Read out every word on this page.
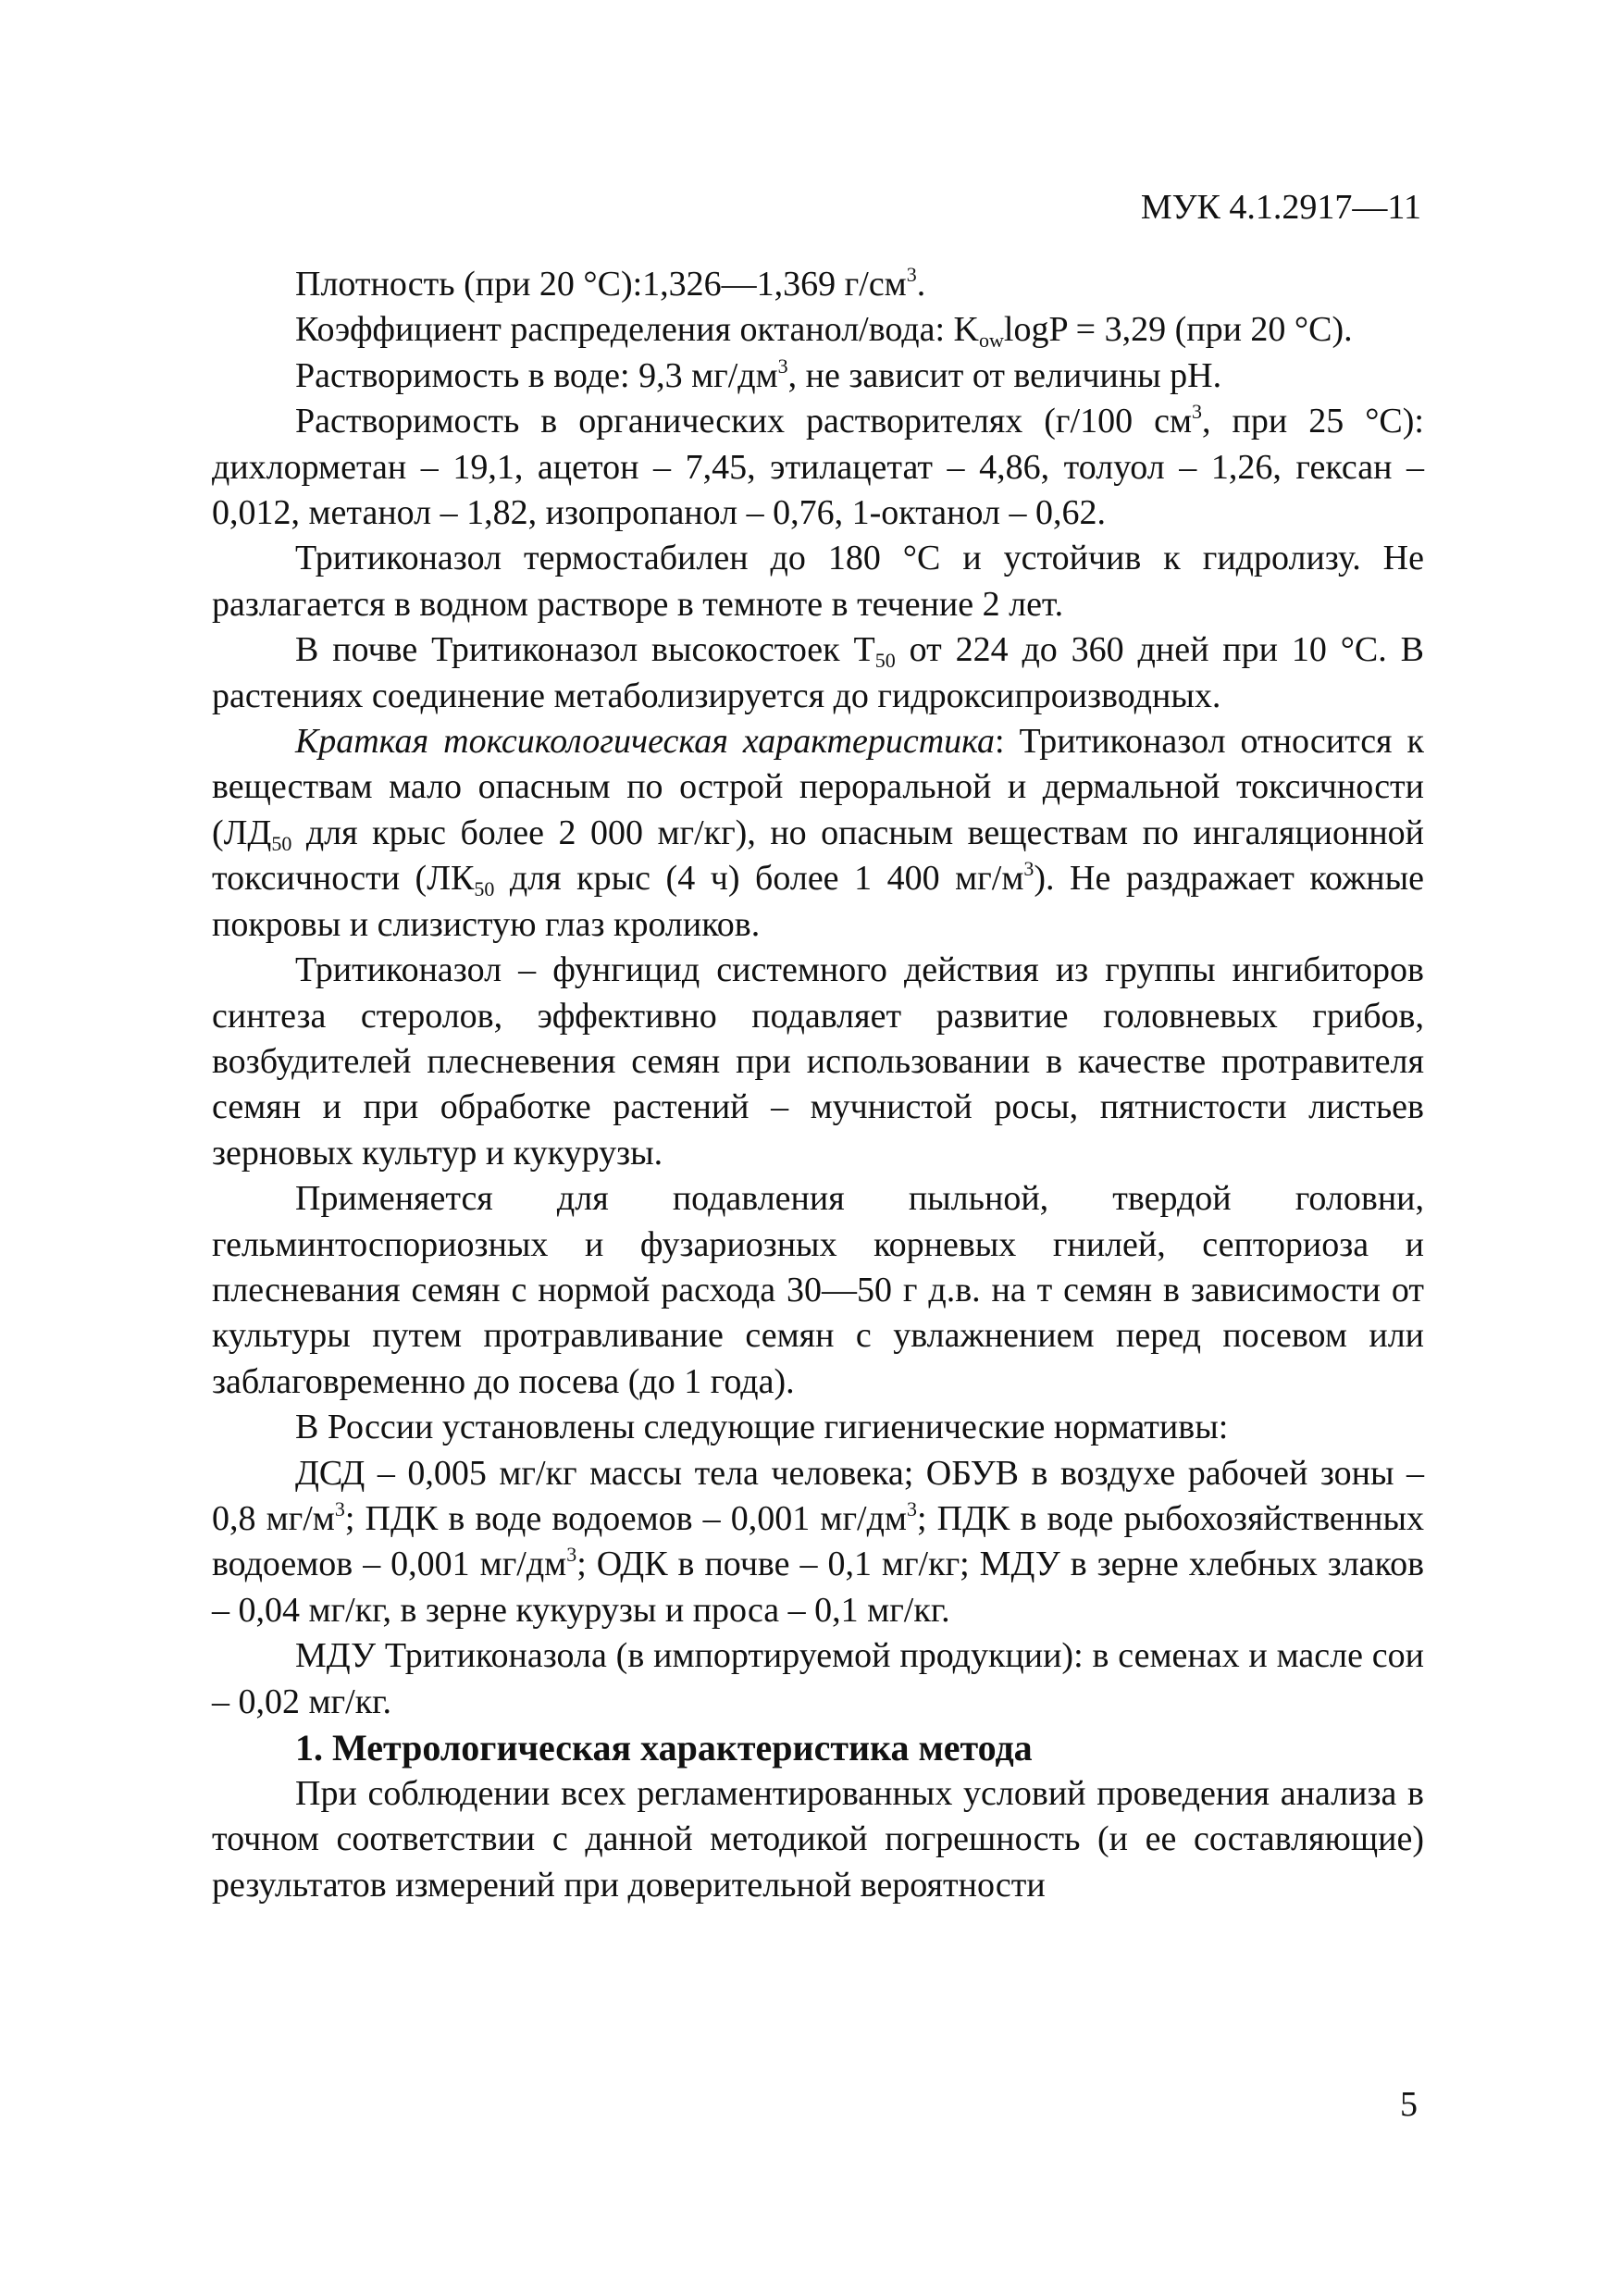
МУК 4.1.2917—11

Плотность (при 20 °С):1,326—1,369 $г/см^3$.

Коэффициент распределения октанол/вода: $K_{ow}\log P = 3,29$ (при 20 °С).

Растворимость в воде: 9,3 $мг/дм^3$, не зависит от величины pH.

Растворимость в органических растворителях (г/100 $см^3$, при 25 °С): дихлорметан – 19,1, ацетон – 7,45, этилацетат – 4,86, толуол – 1,26, гексан – 0,012, метанол – 1,82, изопропанол – 0,76, 1-октанол – 0,62.

Тритиконазол термостабилен до 180 °С и устойчив к гидролизу. Не разлагается в водном растворе в темноте в течение 2 лет.

В почве Тритиконазол высокостоек $Т_{50}$ от 224 до 360 дней при 10 °С. В растениях соединение метаболизируется до гидроксипроизводных.

Краткая токсикологическая характеристика: Тритиконазол относится к веществам мало опасным по острой пероральной и дермальной токсичности ($ЛД_{50}$ для крыс более 2 000 мг/кг), но опасным веществам по ингаляционной токсичности ($ЛК_{50}$ для крыс (4 ч) более 1 400 $мг/м^3$). Не раздражает кожные покровы и слизистую глаз кроликов.

Тритиконазол – фунгицид системного действия из группы ингибиторов синтеза стеролов, эффективно подавляет развитие головневых грибов, возбудителей плесневения семян при использовании в качестве протравителя семян и при обработке растений – мучнистой росы, пятнистости листьев зерновых культур и кукурузы.

Применяется для подавления пыльной, твердой головни, гельминтоспориозных и фузариозных корневых гнилей, септориоза и плесневания семян с нормой расхода 30—50 г д.в. на т семян в зависимости от культуры путем протравливание семян с увлажнением перед посевом или заблаговременно до посева (до 1 года).

В России установлены следующие гигиенические нормативы:

ДСД – 0,005 мг/кг массы тела человека; ОБУВ в воздухе рабочей зоны – 0,8 $мг/м^3$; ПДК в воде водоемов – 0,001 $мг/дм^3$; ПДК в воде рыбохозяйственных водоемов – 0,001 $мг/дм^3$; ОДК в почве – 0,1 мг/кг; МДУ в зерне хлебных злаков – 0,04 мг/кг, в зерне кукурузы и проса – 0,1 мг/кг.

МДУ Тритиконазола (в импортируемой продукции): в семенах и масле сои – 0,02 мг/кг.

1. Метрологическая характеристика метода

При соблюдении всех регламентированных условий проведения анализа в точном соответствии с данной методикой погрешность (и ее составляющие) результатов измерений при доверительной вероятности

5
